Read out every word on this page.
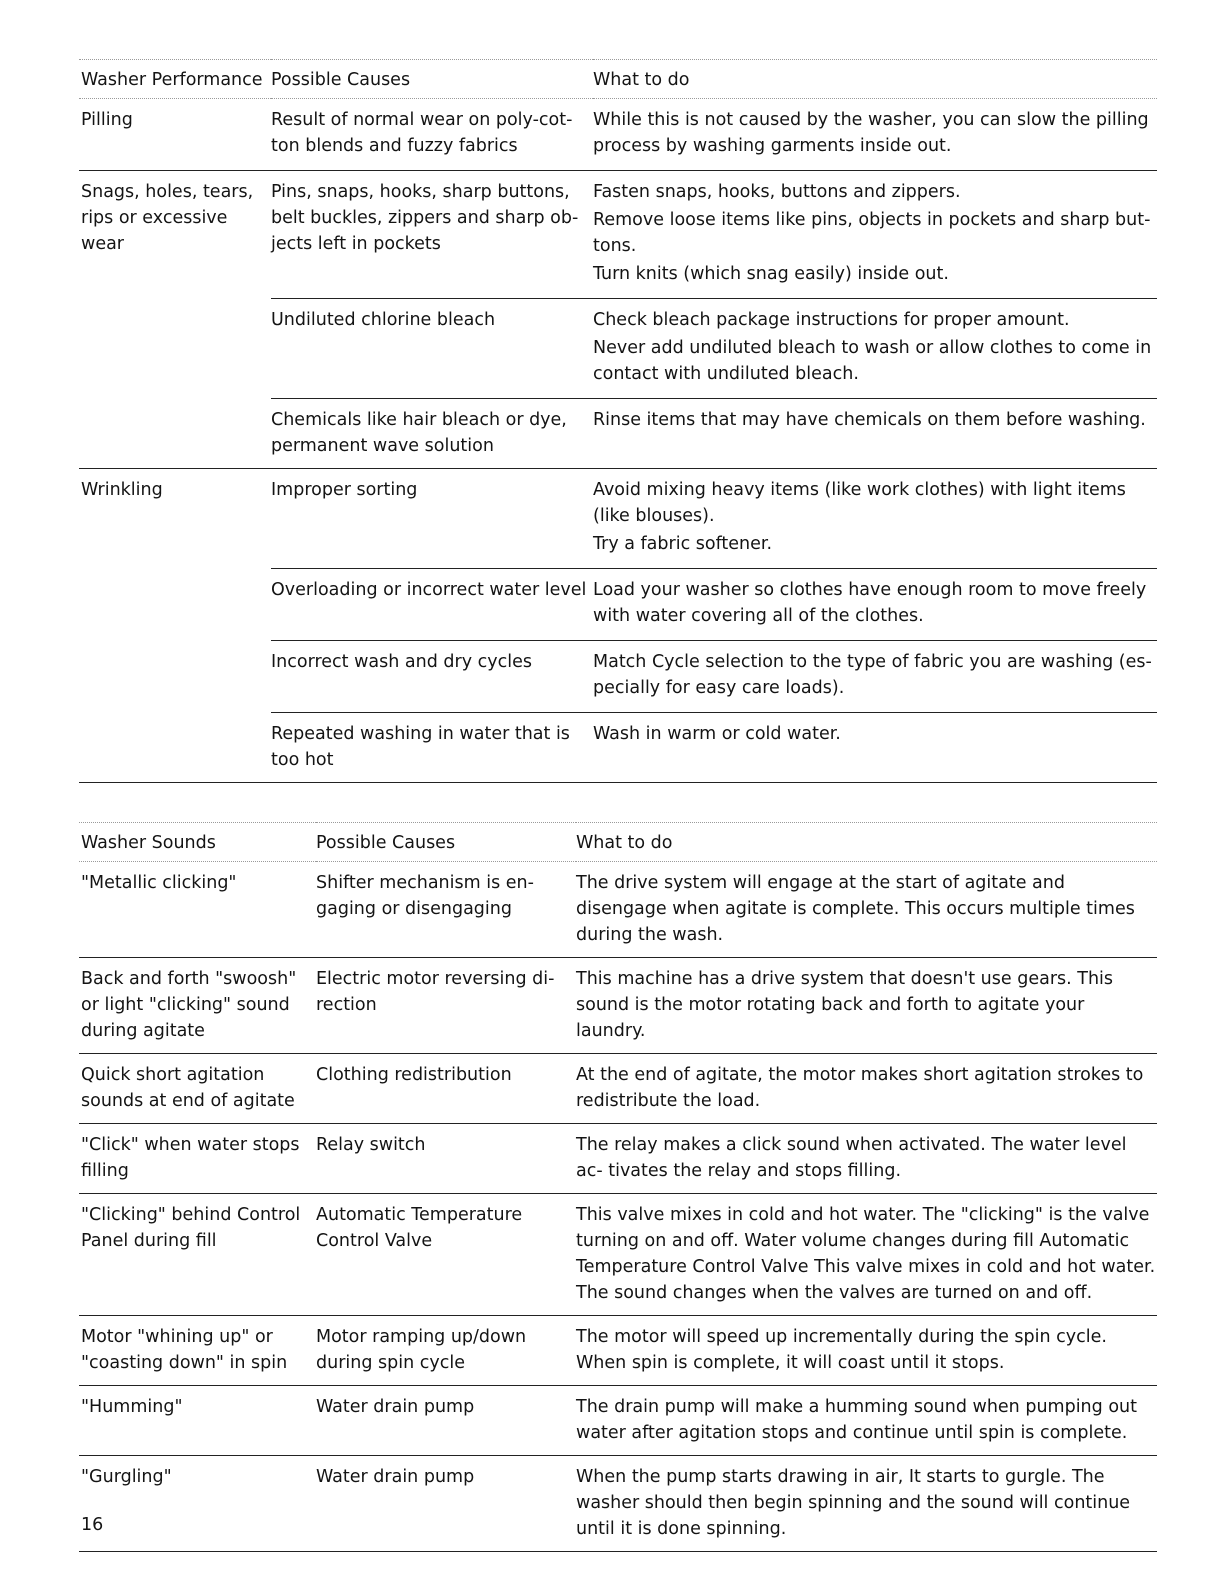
Washer Performance	Possible Causes	What to do
Pilling	Result of normal wear on poly-cot- ton blends and fuzzy fabrics	While this is not caused by the washer, you can slow the pilling process by washing garments inside out.

Snags, holes, tears, rips or excessive wear	Pins, snaps, hooks, sharp buttons, belt buckles, zippers and sharp ob- jects left in pockets	Fasten snaps, hooks, buttons and zippers.
Remove loose items like pins, objects in pockets and sharp but- tons.
Turn knits (which snag easily) inside out.

	Undiluted chlorine bleach	Check bleach package instructions for proper amount.
Never add undiluted bleach to wash or allow clothes to come in contact with undiluted bleach.

	Chemicals like hair bleach or dye, permanent wave solution	Rinse items that may have chemicals on them before washing.

Wrinkling	Improper sorting	Avoid mixing heavy items (like work clothes) with light items (like blouses).
Try a fabric softener.

	Overloading or incorrect water level	Load your washer so clothes have enough room to move freely with water covering all of the clothes.

	Incorrect wash and dry cycles	Match Cycle selection to the type of fabric you are washing (es- pecially for easy care loads).

	Repeated washing in water that is too hot	Wash in warm or cold water.
Washer Sounds	Possible Causes	What to do
"Metallic clicking"	Shifter mechanism is en- gaging or disengaging	The drive system will engage at the start of agitate and disengage when agitate is complete. This occurs multiple times during the wash.
Back and forth "swoosh" or light "clicking" sound during agitate	Electric motor reversing di- rection	This machine has a drive system that doesn't use gears. This sound is the motor rotating back and forth to agitate your laundry.
Quick short agitation sounds at end of agitate	Clothing redistribution	At the end of agitate, the motor makes short agitation strokes to redistribute the load.
"Click" when water stops filling	Relay switch	The relay makes a click sound when activated. The water level ac- tivates the relay and stops filling.
"Clicking" behind Control Panel during fill	Automatic Temperature Control Valve	This valve mixes in cold and hot water. The "clicking" is the valve turning on and off. Water volume changes during fill Automatic Temperature Control Valve This valve mixes in cold and hot water. The sound changes when the valves are turned on and off.
Motor "whining up" or "coasting down" in spin	Motor ramping up/down during spin cycle	The motor will speed up incrementally during the spin cycle. When spin is complete, it will coast until it stops.
"Humming"	Water drain pump	The drain pump will make a humming sound when pumping out water after agitation stops and continue until spin is complete.
"Gurgling"	Water drain pump	When the pump starts drawing in air, It starts to gurgle. The washer should then begin spinning and the sound will continue until it is done spinning.
16
